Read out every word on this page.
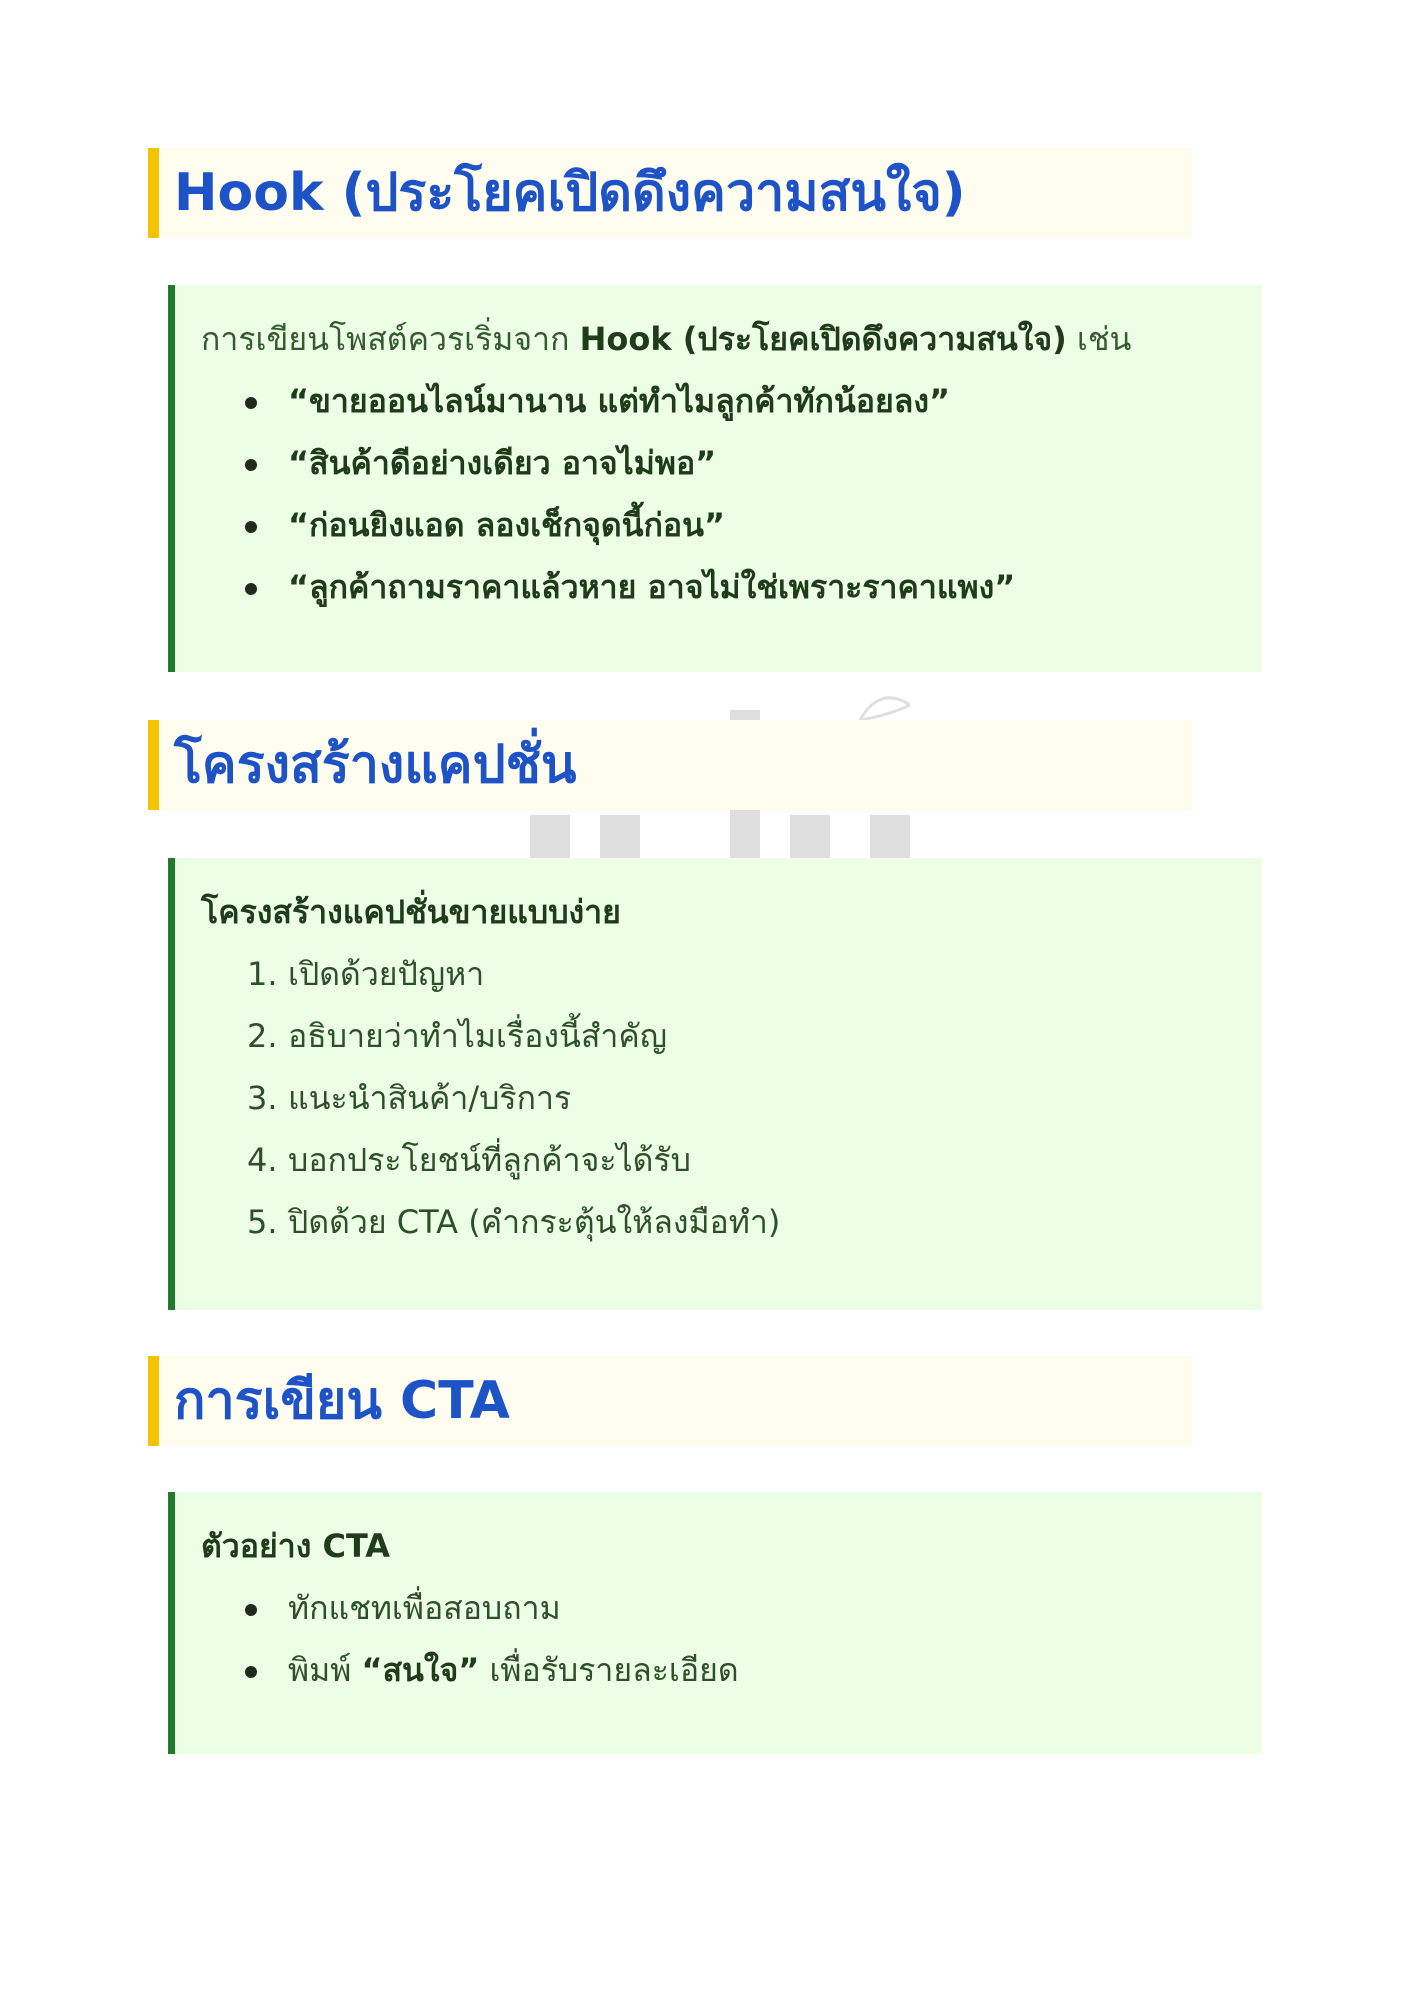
Hook (ประโยคเปิดดึงความสนใจ)

การเขียนโพสต์ควรเริ่มจาก Hook (ประโยคเปิดดึงความสนใจ) เช่น

“ขายออนไลน์มานาน แต่ทำไมลูกค้าทักน้อยลง”
“สินค้าดีอย่างเดียว อาจไม่พอ”
“ก่อนยิงแอด ลองเช็กจุดนี้ก่อน”
“ลูกค้าถามราคาแล้วหาย อาจไม่ใช่เพราะราคาแพง”
โครงสร้างแคปชั่น
โครงสร้างแคปชั่นขายแบบง่าย
1. เปิดด้วยปัญหา
2. อธิบายว่าทำไมเรื่องนี้สำคัญ
3. แนะนำสินค้า/บริการ
4. บอกประโยชน์ที่ลูกค้าจะได้รับ
5. ปิดด้วย CTA (คำกระตุ้นให้ลงมือทำ)
การเขียน CTA
ตัวอย่าง CTA
ทักแชทเพื่อสอบถาม
พิมพ์ “สนใจ” เพื่อรับรายละเอียด
